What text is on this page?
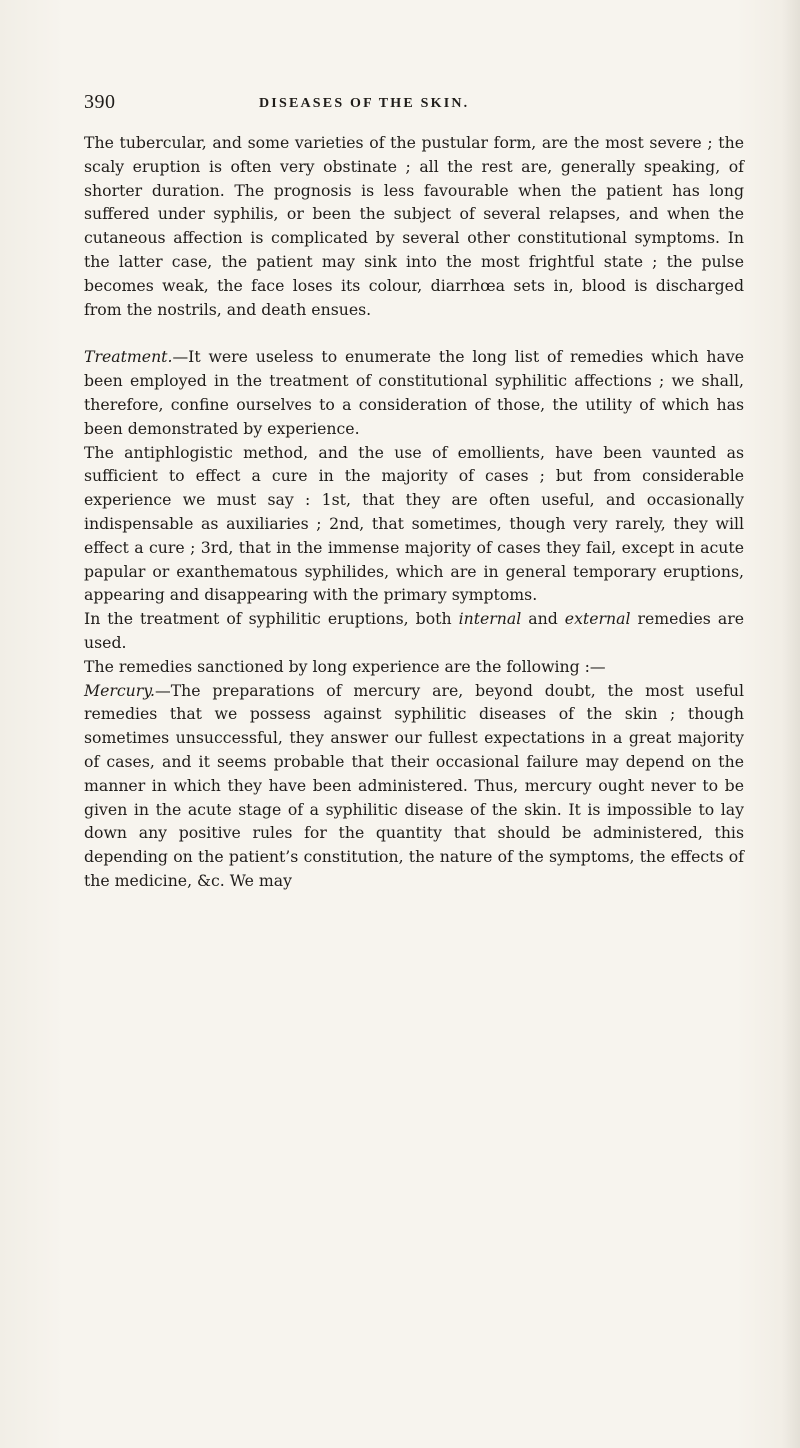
390	DISEASES OF THE SKIN.

The tubercular, and some varieties of the pustular form, are the most severe ; the scaly eruption is often very obstinate ; all the rest are, generally speaking, of shorter duration. The prognosis is less favourable when the patient has long suffered under syphilis, or been the subject of several relapses, and when the cutaneous affection is complicated by several other constitutional symptoms. In the latter case, the patient may sink into the most frightful state ; the pulse becomes weak, the face loses its colour, diarrhœa sets in, blood is discharged from the nostrils, and death ensues.

Treatment.—It were useless to enumerate the long list of remedies which have been employed in the treatment of constitutional syphilitic affections ; we shall, therefore, confine ourselves to a consideration of those, the utility of which has been demonstrated by experience.

The antiphlogistic method, and the use of emollients, have been vaunted as sufficient to effect a cure in the majority of cases ; but from considerable experience we must say : 1st, that they are often useful, and occasionally indispensable as auxiliaries ; 2nd, that sometimes, though very rarely, they will effect a cure ; 3rd, that in the immense majority of cases they fail, except in acute papular or exanthematous syphilides, which are in general temporary eruptions, appearing and disappearing with the primary symptoms.

In the treatment of syphilitic eruptions, both internal and external remedies are used.

The remedies sanctioned by long experience are the following :—

Mercury.—The preparations of mercury are, beyond doubt, the most useful remedies that we possess against syphilitic diseases of the skin ; though sometimes unsuccessful, they answer our fullest expectations in a great majority of cases, and it seems probable that their occasional failure may depend on the manner in which they have been administered. Thus, mercury ought never to be given in the acute stage of a syphilitic disease of the skin. It is impossible to lay down any positive rules for the quantity that should be administered, this depending on the patient’s constitution, the nature of the symptoms, the effects of the medicine, &c. We may
